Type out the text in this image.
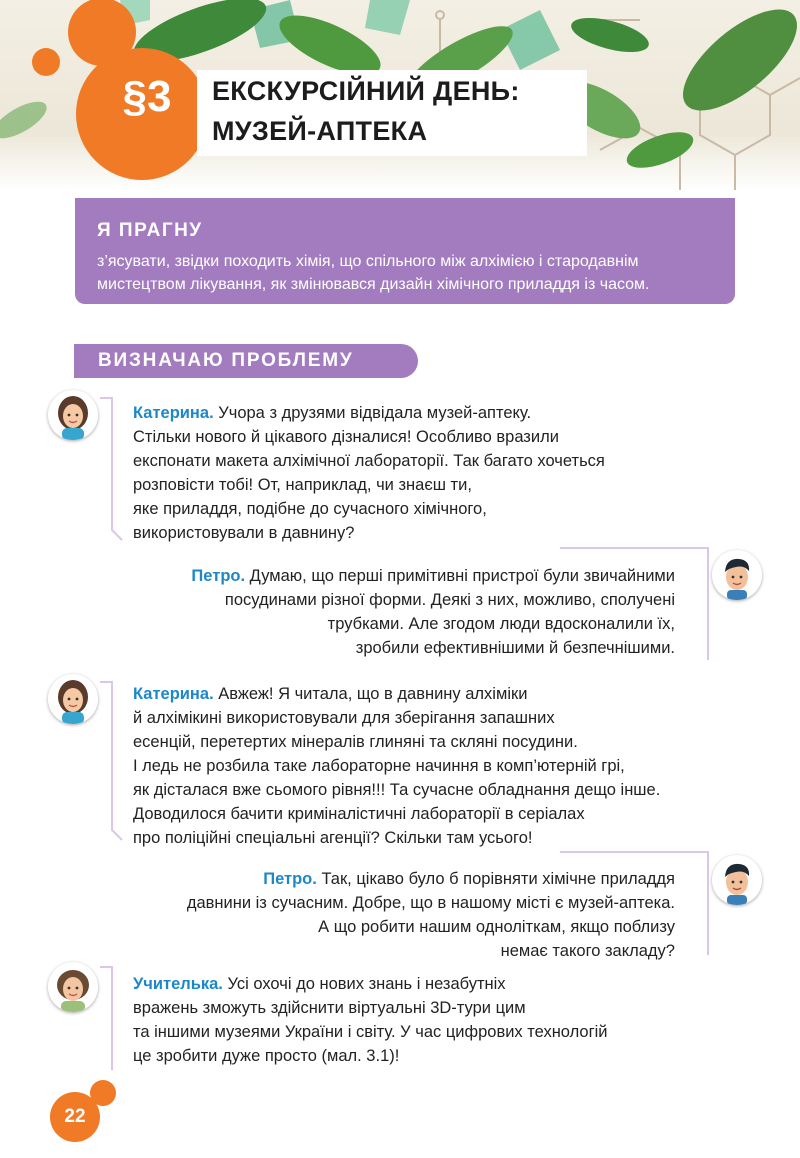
ЕКСКУРСІЙНИЙ ДЕНЬ:
МУЗЕЙ-АПТЕКА
§3
Я ПРАГНУ
з’ясувати, звідки походить хімія, що спільного між алхімією і стародавнім
мистецтвом лікування, як змінювався дизайн хімічного приладдя із часом.
ВИЗНАЧАЮ ПРОБЛЕМУ
Катерина. Учора з друзями відвідала музей-аптеку.
Стільки нового й цікавого дізналися! Особливо вразили
експонати макета алхімічної лабораторії. Так багато хочеться
розповісти тобі! От, наприклад, чи знаєш ти,
яке приладдя, подібне до сучасного хімічного,
використовували в давнину?
Петро. Думаю, що перші примітивні пристрої були звичайними
посудинами різної форми. Деякі з них, можливо, сполучені
трубками. Але згодом люди вдосконалили їх,
зробили ефективнішими й безпечнішими.
Катерина. Авжеж! Я читала, що в давнину алхіміки
й алхімікині використовували для зберігання запашних
есенцій, перетертих мінералів глиняні та скляні посудини.
І ледь не розбила таке лабораторне начиння в комп’ютерній грі,
як дісталася вже сьомого рівня!!! Та сучасне обладнання дещо інше.
Доводилося бачити криміналістичні лабораторії в серіалах
про поліційні спеціальні агенції? Скільки там усього!
Петро. Так, цікаво було б порівняти хімічне приладдя
давнини із сучасним. Добре, що в нашому місті є музей-аптека.
А що робити нашим одноліткам, якщо поблизу
немає такого закладу?
Учителька. Усі охочі до нових знань і незабутніх
вражень зможуть здійснити віртуальні 3D-тури цим
та іншими музеями України і світу. У час цифрових технологій
це зробити дуже просто (мал. 3.1)!
22
